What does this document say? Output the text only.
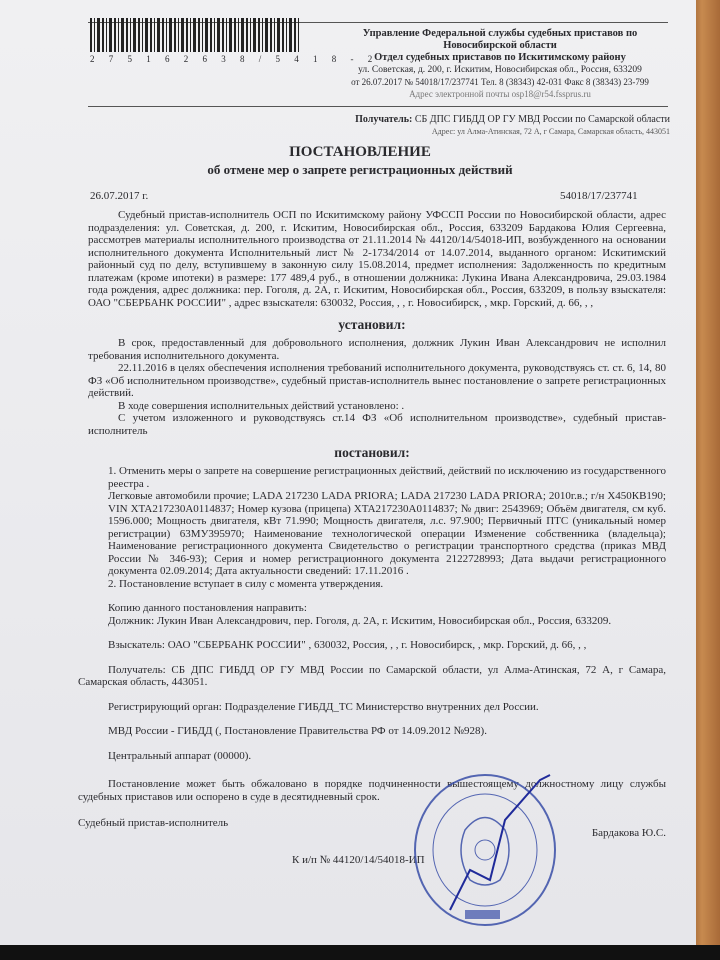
2 7 5 1 6 2 6 3 8 / 5 4 1 8 - 2
Управление Федеральной службы судебных приставов по
Новосибирской области
Отдел судебных приставов по Искитимскому району
ул. Советская, д. 200, г. Искитим, Новосибирская обл., Россия, 633209
от 26.07.2017 № 54018/17/237741 Тел. 8 (38343) 42-031 Факс 8 (38343) 23-799
Адрес электронной почты osp18@r54.fssprus.ru
Получатель: СБ ДПС ГИБДД ОР ГУ МВД России по Самарской области
Адрес: ул Алма-Атинская, 72 А, г Самара, Самарская область, 443051
ПОСТАНОВЛЕНИЕ
об отмене мер о запрете регистрационных действий
26.07.2017 г.	54018/17/237741

Судебный пристав-исполнитель ОСП по Искитимскому району УФССП России по Новосибирской области, адрес подразделения: ул. Советская, д. 200, г. Искитим, Новосибирская обл., Россия, 633209 Бардакова Юлия Сергеевна, рассмотрев материалы исполнительного производства от 21.11.2014 № 44120/14/54018-ИП, возбужденного на основании исполнительного документа Исполнительный лист № 2-1734/2014 от 14.07.2014, выданного органом: Искитимский районный суд по делу, вступившему в законную силу 15.08.2014, предмет исполнения: Задолженность по кредитным платежам (кроме ипотеки) в размере: 177 489,4 руб., в отношении должника: Лукина Ивана Александровича, 29.03.1984 года рождения, адрес должника: пер. Гоголя, д. 2А, г. Искитим, Новосибирская обл., Россия, 633209, в пользу взыскателя: ОАО "СБЕРБАНК РОССИИ" , адрес взыскателя: 630032, Россия, , , г. Новосибирск, , мкр. Горский, д. 66, , ,

установил:

В срок, предоставленный для добровольного исполнения, должник Лукин Иван Александрович не исполнил требования исполнительного документа.

22.11.2016 в целях обеспечения исполнения требований исполнительного документа, руководствуясь ст. ст. 6, 14, 80 ФЗ «Об исполнительном производстве», судебный пристав-исполнитель вынес постановление о запрете регистрационных действий.

В ходе совершения исполнительных действий установлено: .

С учетом изложенного и руководствуясь ст.14 ФЗ «Об исполнительном производстве», судебный пристав-исполнитель

постановил:

1. Отменить меры о запрете на совершение регистрационных действий, действий по исключению из государственного реестра .

Легковые автомобили прочие; LADA 217230 LADA PRIORA; LADA 217230 LADA PRIORA; 2010г.в.; г/н Х450КВ190; VIN XTA217230A0114837; Номер кузова (прицепа) XTA217230A0114837; № двиг: 2543969; Объём двигателя, см куб. 1596.000; Мощность двигателя, кВт 71.990; Мощность двигателя, л.с. 97.900; Первичный ПТС (уникальный номер регистрации) 63МУ395970; Наименование технологической операции Изменение собственника (владельца); Наименование регистрационного документа Свидетельство о регистрации транспортного средства (приказ МВД России № 346-93); Серия и номер регистрационного документа 2122728993; Дата выдачи регистрационного документа 02.09.2014; Дата актуальности сведений: 17.11.2016 .

2. Постановление вступает в силу с момента утверждения.

Копию данного постановления направить:
Должник: Лукин Иван Александрович, пер. Гоголя, д. 2А, г. Искитим, Новосибирская обл., Россия, 633209.
Взыскатель: ОАО "СБЕРБАНК РОССИИ" , 630032, Россия, , , г. Новосибирск, , мкр. Горский, д. 66, , ,

Получатель: СБ ДПС ГИБДД ОР ГУ МВД России по Самарской области, ул Алма-Атинская, 72 А, г Самара, Самарская область, 443051.

Регистрирующий орган: Подразделение ГИБДД_ТС Министерство внутренних дел России.
МВД России - ГИБДД (, Постановление Правительства РФ от 14.09.2012 №928).
Центральный аппарат (00000).

Постановление может быть обжаловано в порядке подчиненности вышестоящему должностному лицу службы судебных приставов или оспорено в суде в десятидневный срок.

Судебный пристав-исполнитель
Бардакова Ю.С.
К и/п № 44120/14/54018-ИП
